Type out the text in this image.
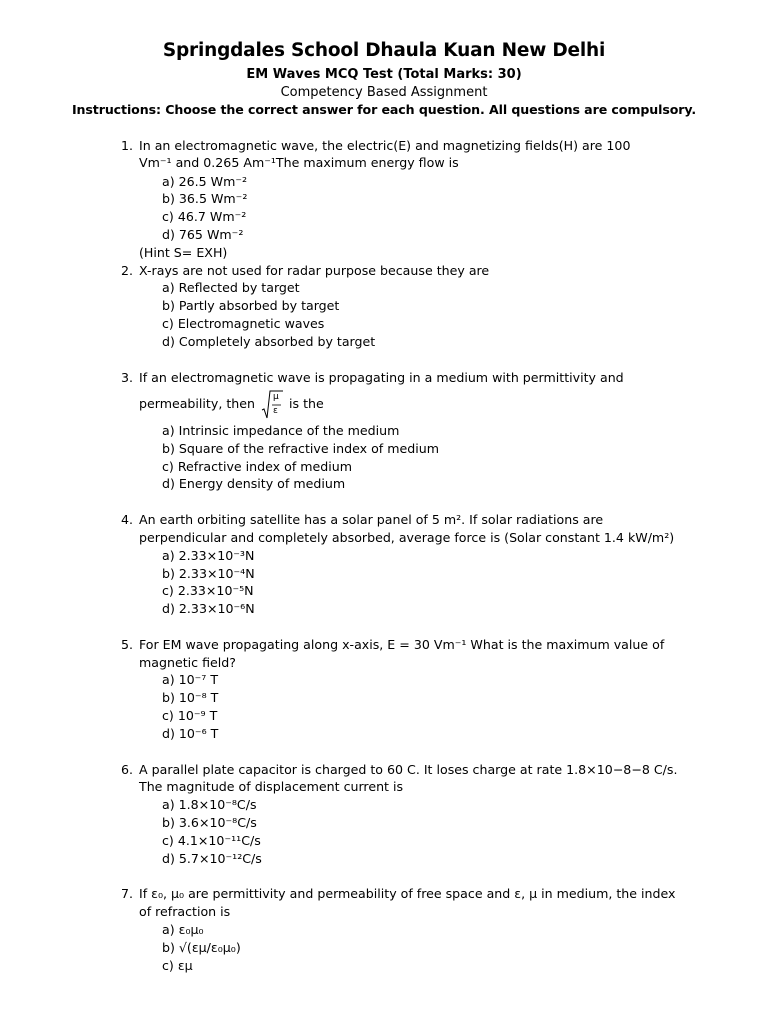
Springdales School Dhaula Kuan New Delhi
EM Waves MCQ Test (Total Marks: 30)
Competency Based Assignment
Instructions: Choose the correct answer for each question. All questions are compulsory.
1. In an electromagnetic wave, the electric(E) and magnetizing fields(H) are 100
Vm⁻¹ and 0.265 Am⁻¹The maximum energy flow is
a) 26.5 Wm⁻²
b) 36.5 Wm⁻²
c) 46.7 Wm⁻²
d) 765 Wm⁻²
(Hint S= EXH)
2. X-rays are not used for radar purpose because they are
a) Reflected by target
b) Partly absorbed by target
c) Electromagnetic waves
d) Completely absorbed by target
3. If an electromagnetic wave is propagating in a medium with permittivity and
permeability, then μ
ε is the
a) Intrinsic impedance of the medium
b) Square of the refractive index of medium
c) Refractive index of medium
d) Energy density of medium
4. An earth orbiting satellite has a solar panel of 5 m². If solar radiations are
perpendicular and completely absorbed, average force is (Solar constant 1.4 kW/m²)
a) 2.33×10⁻³N
b) 2.33×10⁻⁴N
c) 2.33×10⁻⁵N
d) 2.33×10⁻⁶N
5. For EM wave propagating along x-axis, E = 30 Vm⁻¹ What is the maximum value of
magnetic field?
a) 10⁻⁷ T
b) 10⁻⁸ T
c) 10⁻⁹ T
d) 10⁻⁶ T
6. A parallel plate capacitor is charged to 60 C. It loses charge at rate 1.8×10−8−8 C/s.
The magnitude of displacement current is
a) 1.8×10⁻⁸C/s
b) 3.6×10⁻⁸C/s
c) 4.1×10⁻¹¹C/s
d) 5.7×10⁻¹²C/s
7. If ε₀, μ₀ are permittivity and permeability of free space and ε, μ in medium, the index
of refraction is
a) ε₀μ₀
b) √(εμ/ε₀μ₀)
c) εμ
